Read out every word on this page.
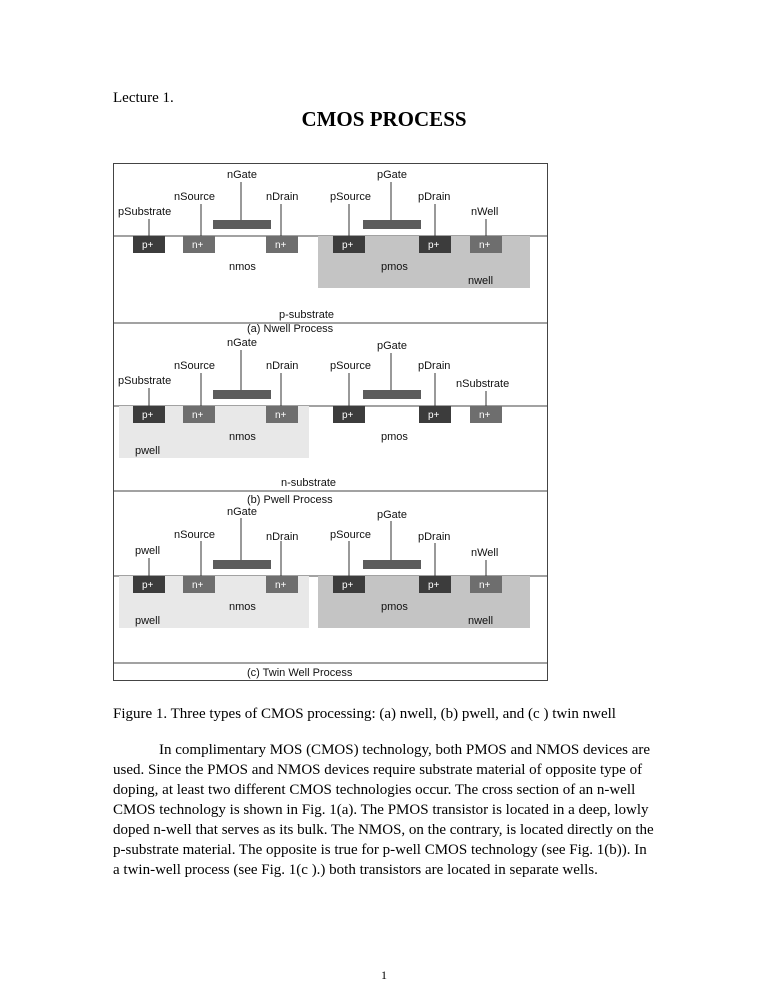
Lecture 1.
CMOS PROCESS
nGate	pGate
nSource	nDrain	pSource	pDrain
pSubstrate	nWell
p+	n+	n+	p+	p+	n+
nmos	pmos
nwell
p-substrate
(a) Nwell Process
nGate	pGate
nSource	nDrain	pSource	pDrain
pSubstrate	nSubstrate
p+	n+	n+	p+	p+	n+
nmos	pmos
pwell
n-substrate
(b) Pwell Process
nGate	pGate
nSource	nDrain	pSource	pDrain
pwell	nWell
p+	n+	n+	p+	p+	n+
nmos	pmos
pwell	nwell
(c) Twin Well Process
Figure 1. Three types of CMOS processing: (a) nwell, (b) pwell, and (c ) twin nwell

In complimentary MOS (CMOS) technology, both PMOS and NMOS devices are used. Since the PMOS and NMOS devices require substrate material of opposite type of doping, at least two different CMOS technologies occur. The cross section of an n-well CMOS technology is shown in Fig. 1(a). The PMOS transistor is located in a deep, lowly doped n-well that serves as its bulk. The NMOS, on the contrary, is located directly on the p-substrate material. The opposite is true for p-well CMOS technology (see Fig. 1(b)). In a twin-well process (see Fig. 1(c ).) both transistors are located in separate wells.

1
